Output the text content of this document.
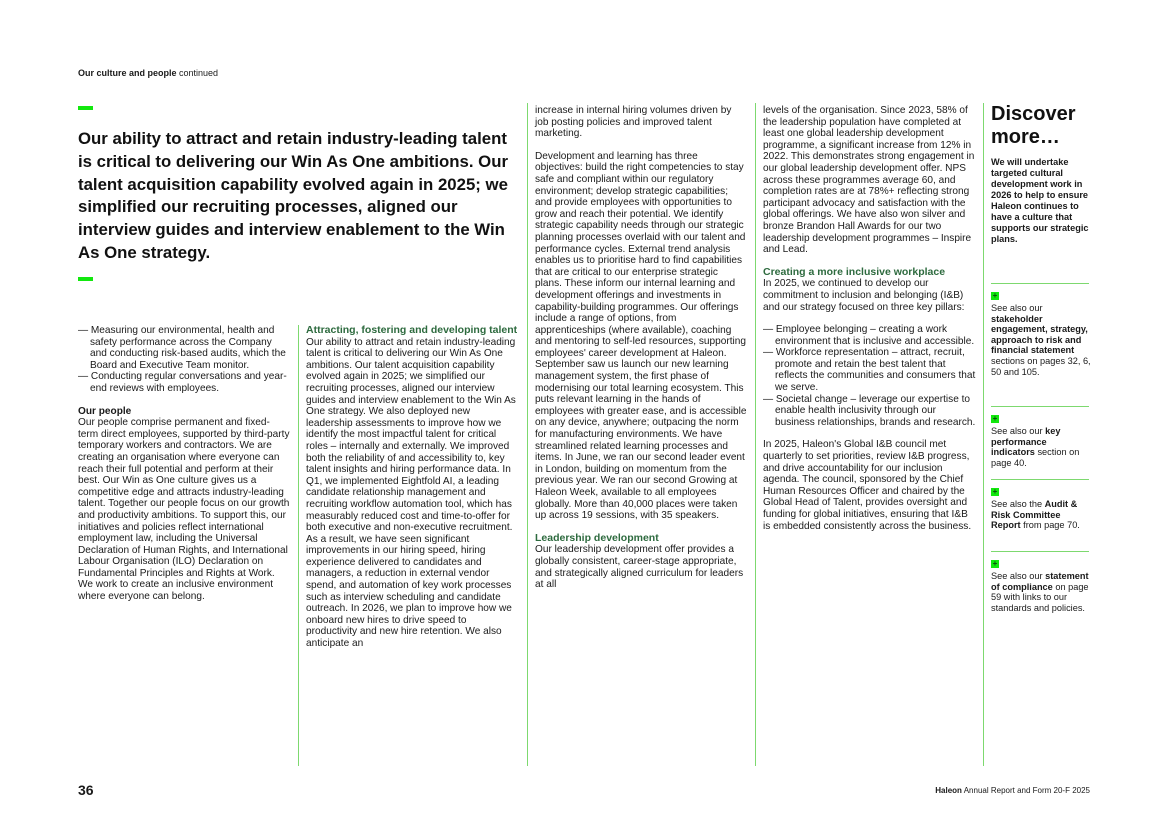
Our culture and people continued
Our ability to attract and retain industry-leading talent is critical to delivering our Win As One ambitions. Our talent acquisition capability evolved again in 2025; we simplified our recruiting processes, aligned our interview guides and interview enablement to the Win As One strategy.
— Measuring our environmental, health and safety performance across the Company and conducting risk-based audits, which the Board and Executive Team monitor.
— Conducting regular conversations and year-end reviews with employees.

Our people

Our people comprise permanent and fixed-term direct employees, supported by third-party temporary workers and contractors. We are creating an organisation where everyone can reach their full potential and perform at their best. Our Win as One culture gives us a competitive edge and attracts industry-leading talent. Together our people focus on our growth and productivity ambitions. To support this, our initiatives and policies reflect international employment law, including the Universal Declaration of Human Rights, and International Labour Organisation (ILO) Declaration on Fundamental Principles and Rights at Work. We work to create an inclusive environment where everyone can belong.

Attracting, fostering and developing talent

Our ability to attract and retain industry-leading talent is critical to delivering our Win As One ambitions. Our talent acquisition capability evolved again in 2025; we simplified our recruiting processes, aligned our interview guides and interview enablement to the Win As One strategy. We also deployed new leadership assessments to improve how we identify the most impactful talent for critical roles – internally and externally. We improved both the reliability of and accessibility to, key talent insights and hiring performance data. In Q1, we implemented Eightfold AI, a leading candidate relationship management and recruiting workflow automation tool, which has measurably reduced cost and time-to-offer for both executive and non-executive recruitment. As a result, we have seen significant improvements in our hiring speed, hiring experience delivered to candidates and managers, a reduction in external vendor spend, and automation of key work processes such as interview scheduling and candidate outreach. In 2026, we plan to improve how we onboard new hires to drive speed to productivity and new hire retention. We also anticipate an

increase in internal hiring volumes driven by job posting policies and improved talent marketing.

Development and learning has three objectives: build the right competencies to stay safe and compliant within our regulatory environment; develop strategic capabilities; and provide employees with opportunities to grow and reach their potential. We identify strategic capability needs through our strategic planning processes overlaid with our talent and performance cycles. External trend analysis enables us to prioritise hard to find capabilities that are critical to our enterprise strategic plans. These inform our internal learning and development offerings and investments in capability-building programmes. Our offerings include a range of options, from apprenticeships (where available), coaching and mentoring to self-led resources, supporting employees' career development at Haleon. September saw us launch our new learning management system, the first phase of modernising our total learning ecosystem. This puts relevant learning in the hands of employees with greater ease, and is accessible on any device, anywhere; outpacing the norm for manufacturing environments. We have streamlined related learning processes and items. In June, we ran our second leader event in London, building on momentum from the previous year. We ran our second Growing at Haleon Week, available to all employees globally. More than 40,000 places were taken up across 19 sessions, with 35 speakers.

Leadership development

Our leadership development offer provides a globally consistent, career-stage appropriate, and strategically aligned curriculum for leaders at all

levels of the organisation. Since 2023, 58% of the leadership population have completed at least one global leadership development programme, a significant increase from 12% in 2022. This demonstrates strong engagement in our global leadership development offer. NPS across these programmes average 60, and completion rates are at 78%+ reflecting strong participant advocacy and satisfaction with the global offerings. We have also won silver and bronze Brandon Hall Awards for our two leadership development programmes – Inspire and Lead.

Creating a more inclusive workplace

In 2025, we continued to develop our commitment to inclusion and belonging (I&B) and our strategy focused on three key pillars:

— Employee belonging – creating a work environment that is inclusive and accessible.
— Workforce representation – attract, recruit, promote and retain the best talent that reflects the communities and consumers that we serve.
— Societal change – leverage our expertise to enable health inclusivity through our business relationships, brands and research.

In 2025, Haleon's Global I&B council met quarterly to set priorities, review I&B progress, and drive accountability for our inclusion agenda. The council, sponsored by the Chief Human Resources Officer and chaired by the Global Head of Talent, provides oversight and funding for global initiatives, ensuring that I&B is embedded consistently across the business.

Discover
more…
We will undertake targeted cultural development work in 2026 to help to ensure Haleon continues to have a culture that supports our strategic plans.
+
See also our stakeholder engagement, strategy, approach to risk and financial statement sections on pages 32, 6, 50 and 105.
+
See also our key performance indicators section on page 40.
+
See also the Audit & Risk Committee Report from page 70.
+
See also our statement of compliance on page 59 with links to our standards and policies.
36	Haleon Annual Report and Form 20-F 2025
